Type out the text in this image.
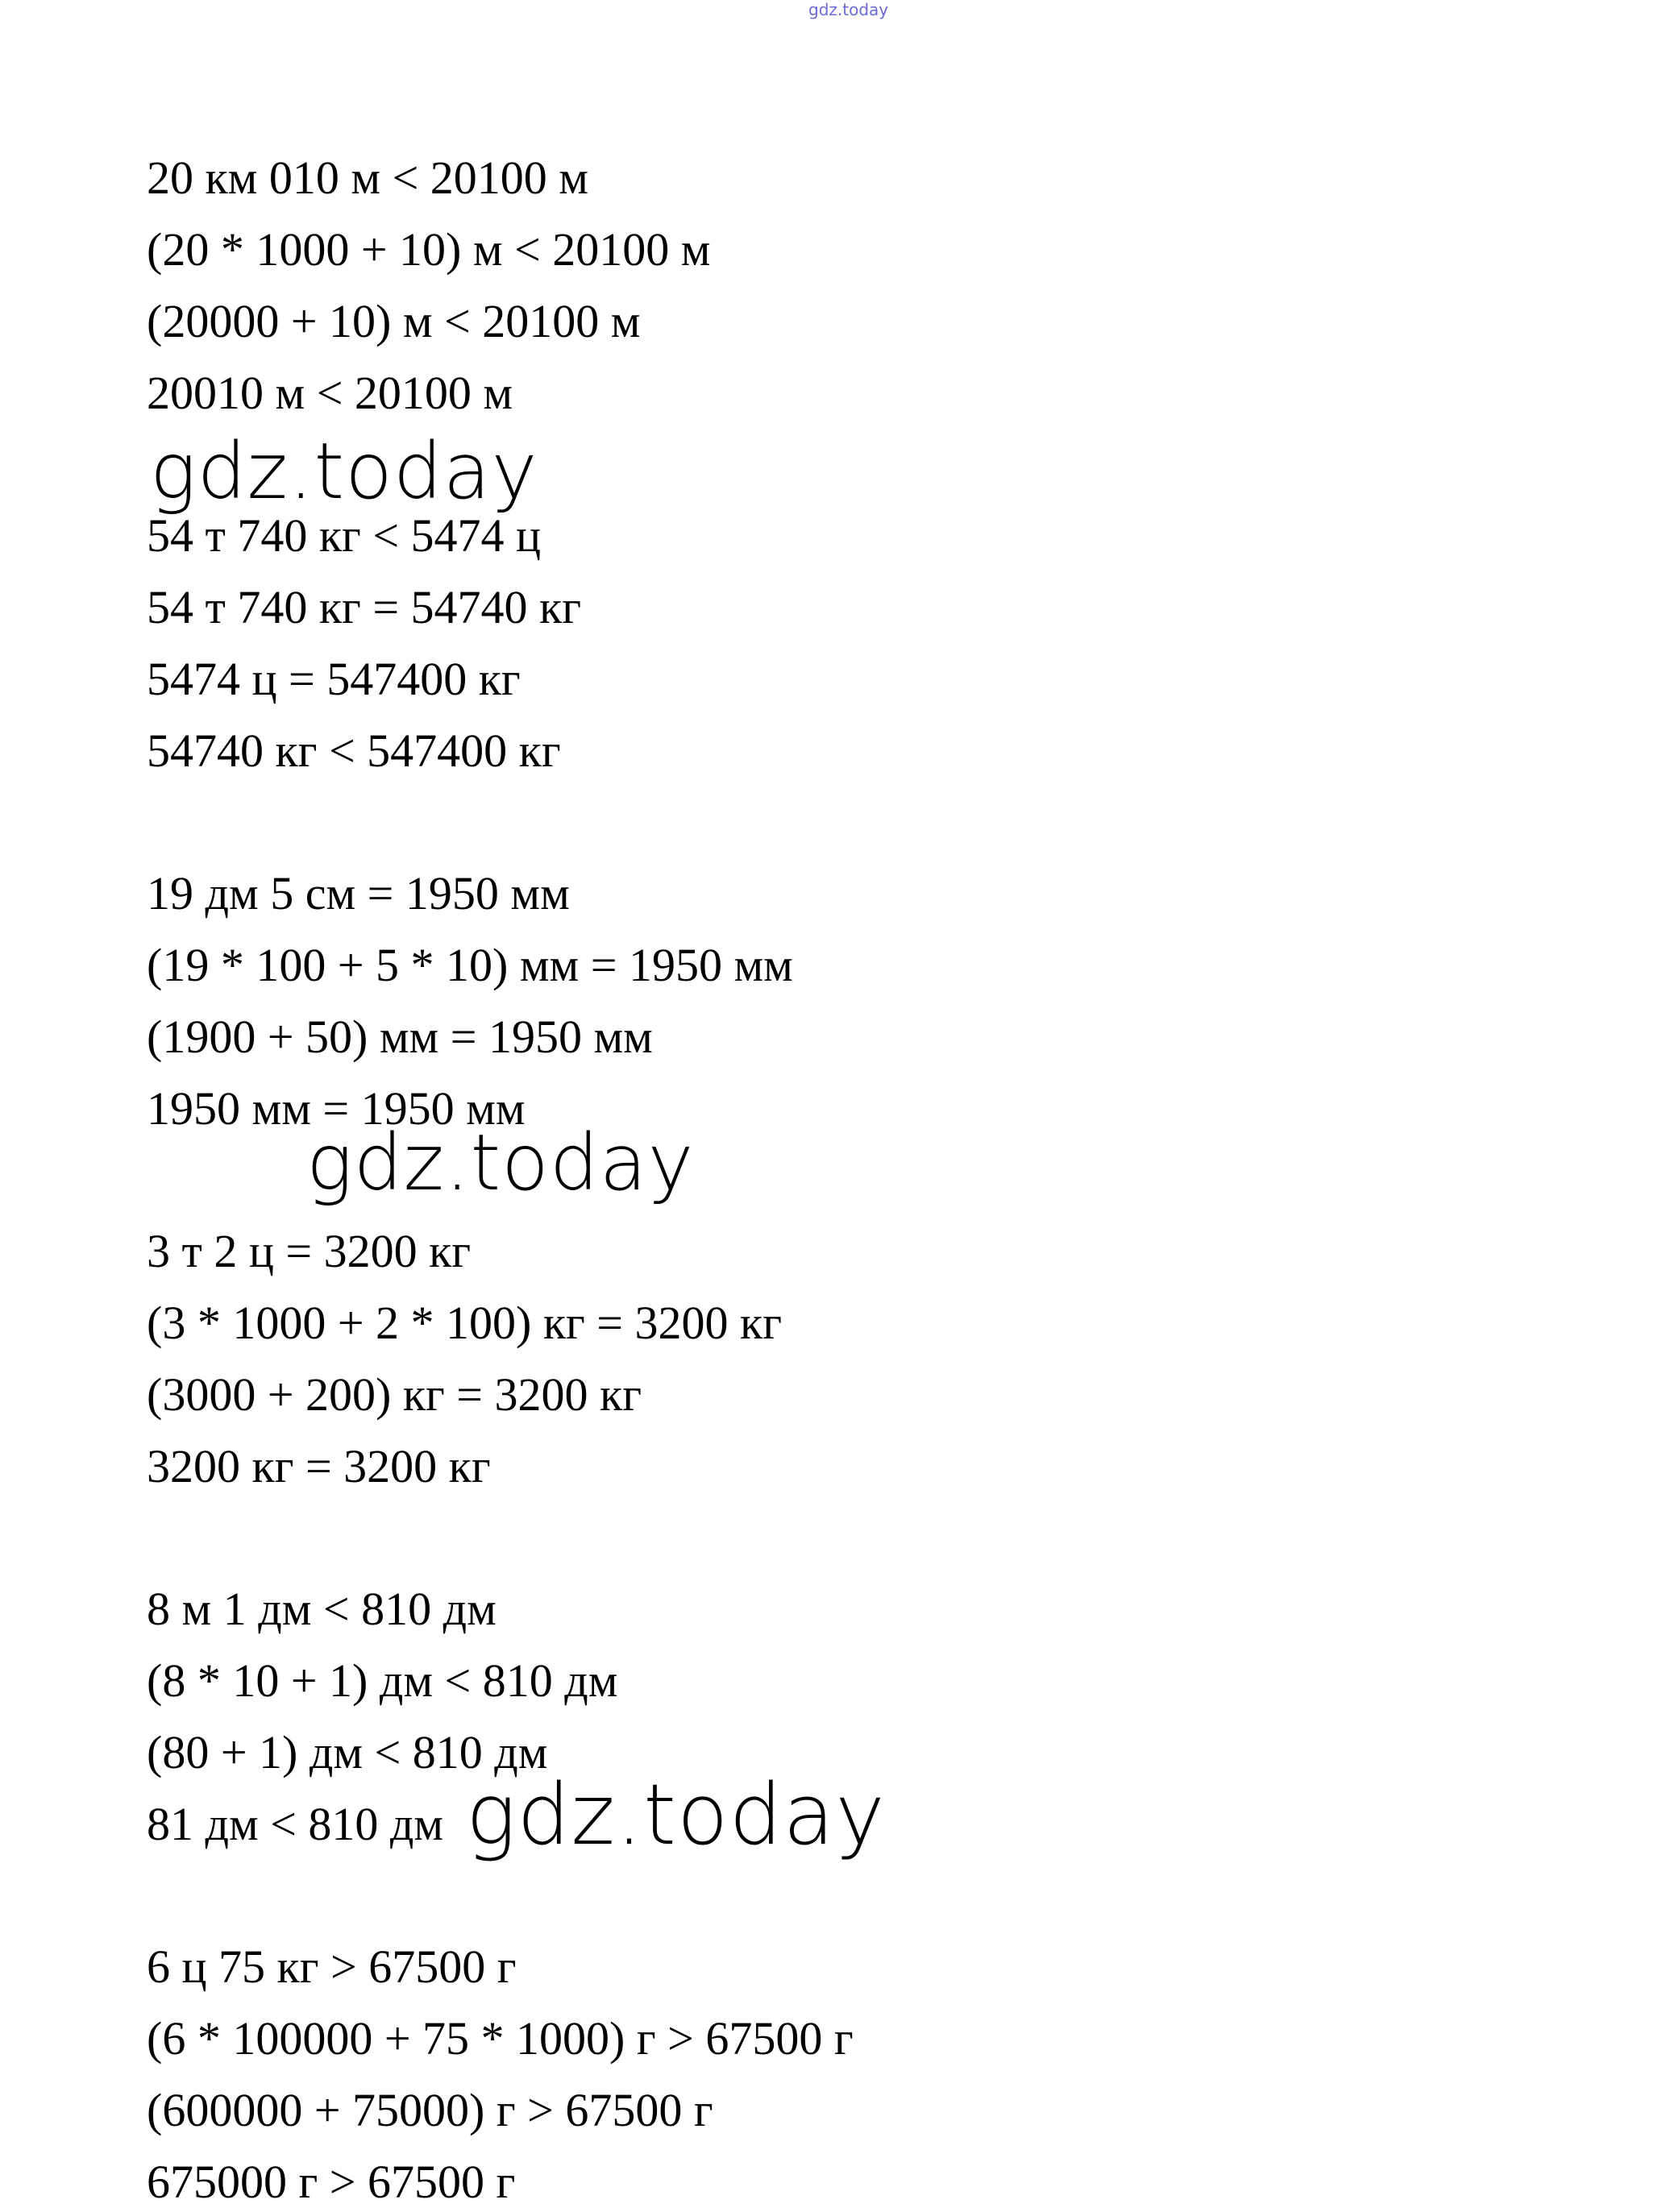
gdz.today
20 км 010 м < 20100 м
(20 * 1000 + 10) м < 20100 м
(20000 + 10) м < 20100 м
20010 м < 20100 м
gdz.today
54 т 740 кг < 5474 ц
54 т 740 кг = 54740 кг
5474 ц = 547400 кг
54740 кг < 547400 кг
19 дм 5 см = 1950 мм
(19 * 100 + 5 * 10) мм = 1950 мм
(1900 + 50) мм = 1950 мм
1950 мм = 1950 мм
gdz.today
3 т 2 ц = 3200 кг
(3 * 1000 + 2 * 100) кг = 3200 кг
(3000 + 200) кг = 3200 кг
3200 кг = 3200 кг
8 м 1 дм < 810 дм
(8 * 10 + 1) дм < 810 дм
(80 + 1) дм < 810 дм
81 дм < 810 дм gdz.today
6 ц 75 кг > 67500 г
(6 * 100000 + 75 * 1000) г > 67500 г
(600000 + 75000) г > 67500 г
675000 г > 67500 г
